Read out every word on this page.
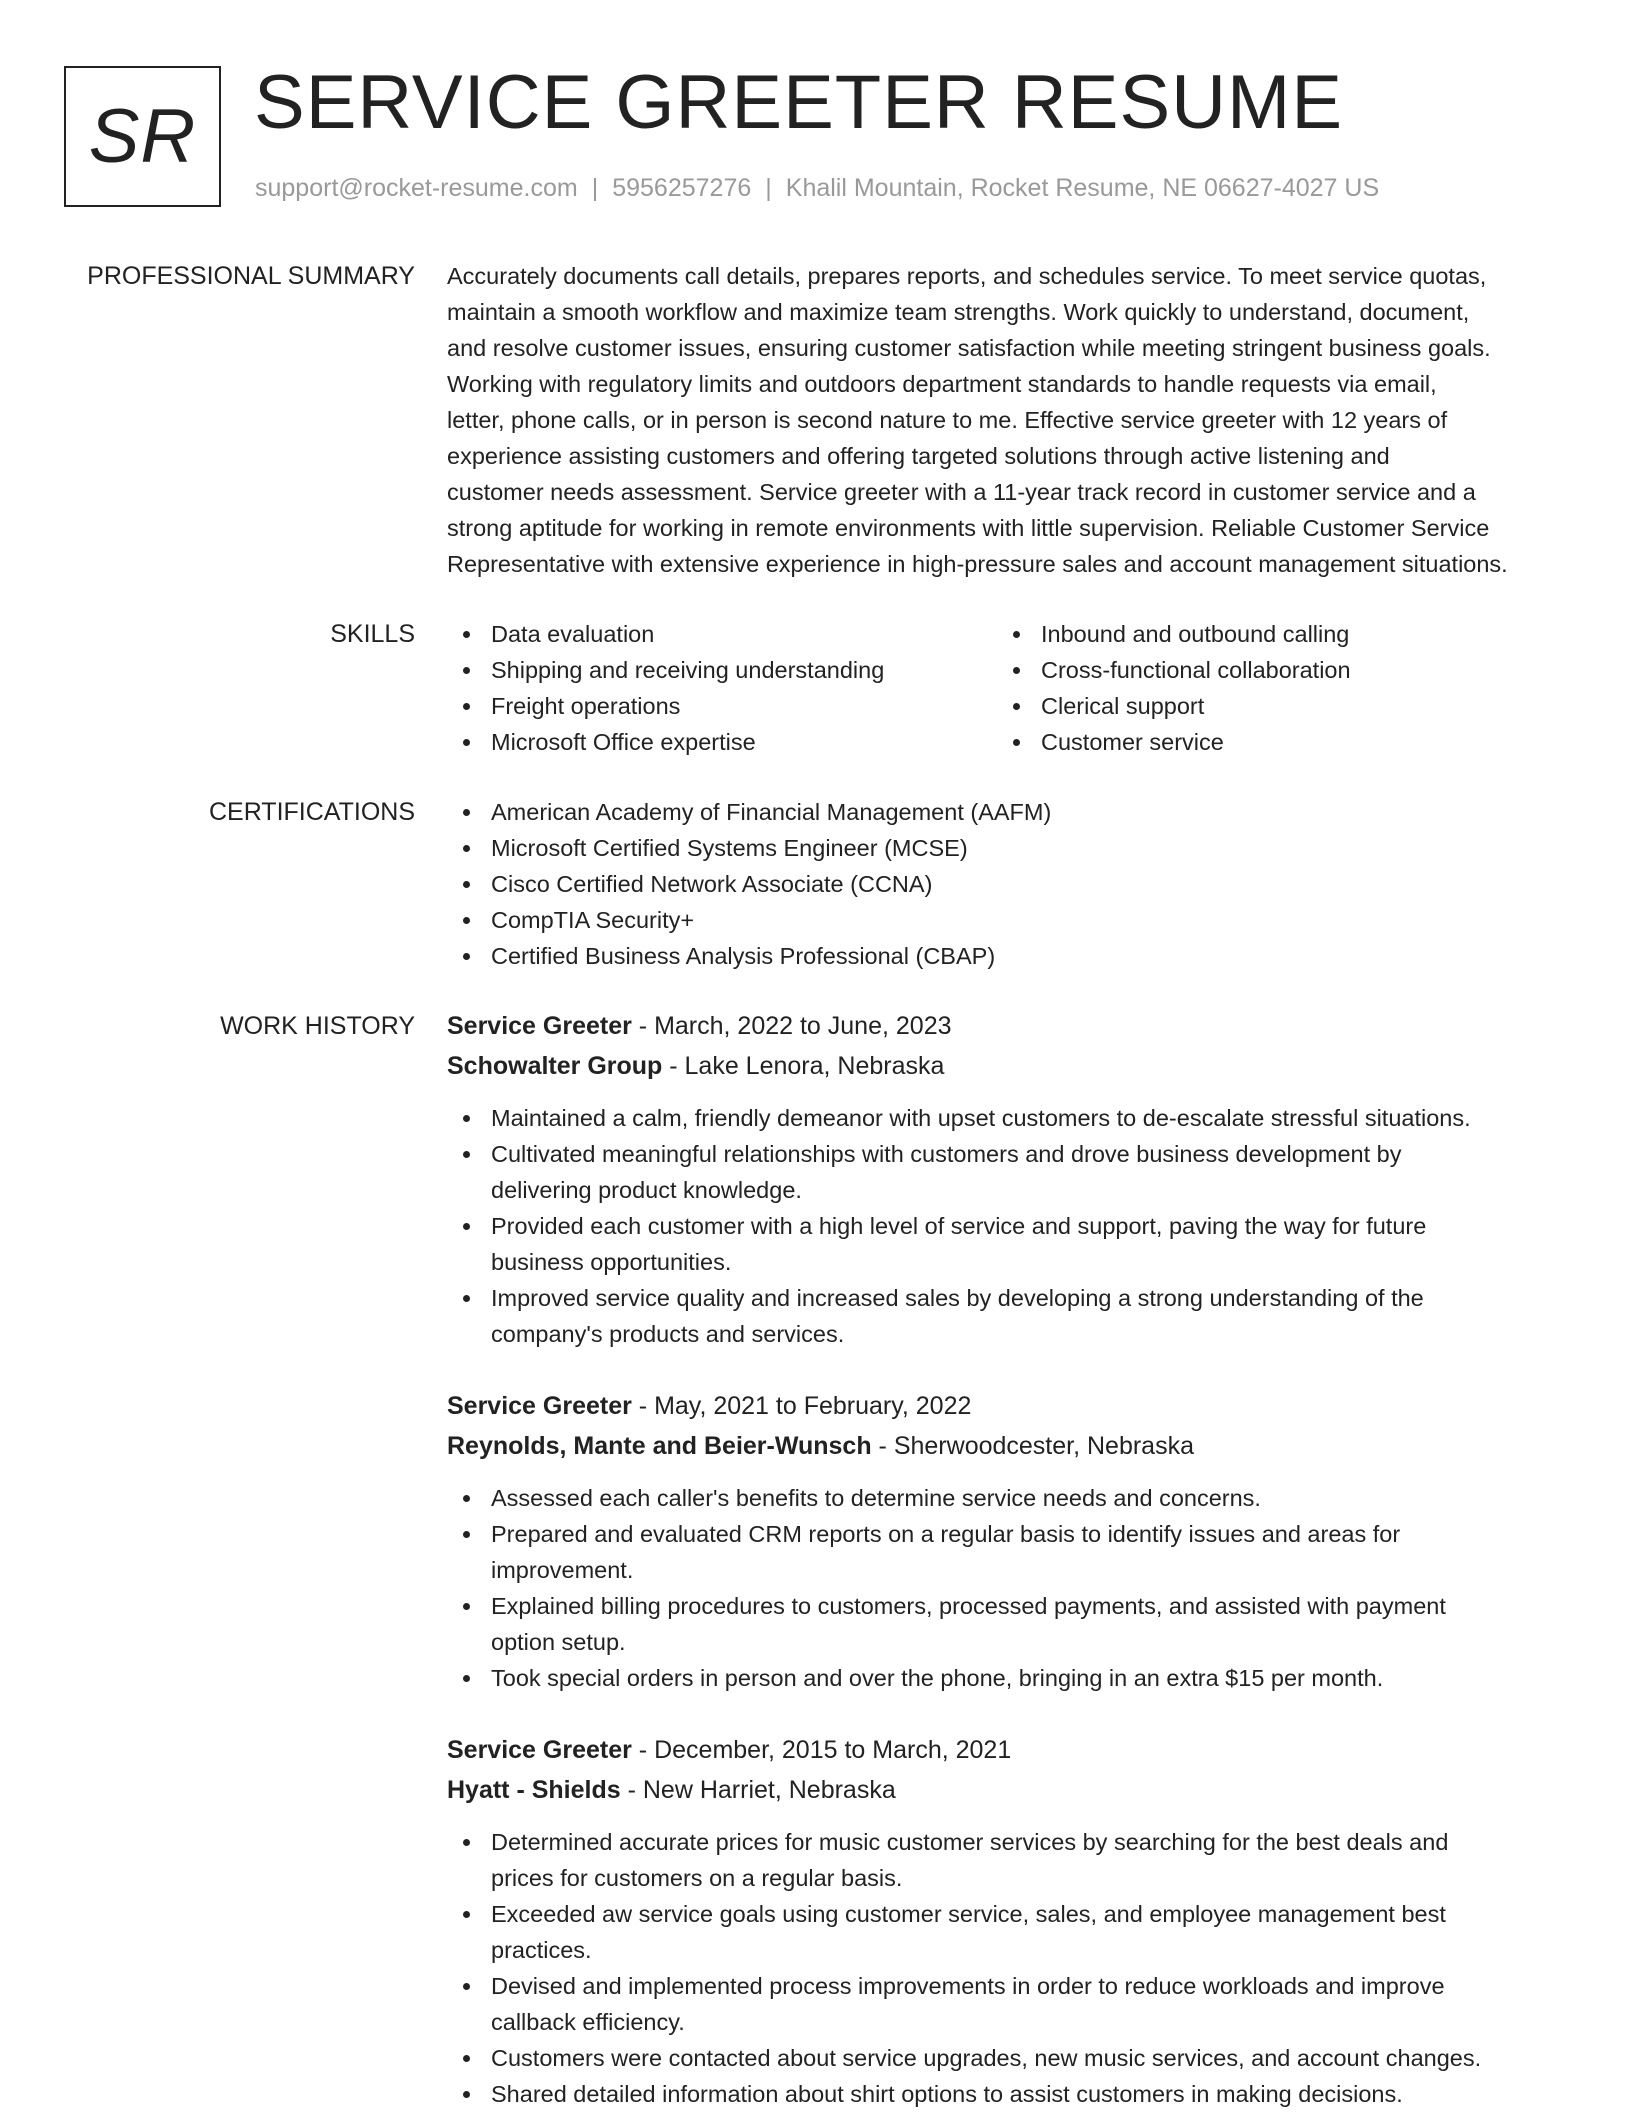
SR SERVICE GREETER RESUME
support@rocket-resume.com | 5956257276 | Khalil Mountain, Rocket Resume, NE 06627-4027 US
PROFESSIONAL SUMMARY Accurately documents call details, prepares reports, and schedules service. To meet service quotas,
maintain a smooth workflow and maximize team strengths. Work quickly to understand, document,
and resolve customer issues, ensuring customer satisfaction while meeting stringent business goals.
Working with regulatory limits and outdoors department standards to handle requests via email,
letter, phone calls, or in person is second nature to me. Effective service greeter with 12 years of
experience assisting customers and offering targeted solutions through active listening and
customer needs assessment. Service greeter with a 11-year track record in customer service and a
strong aptitude for working in remote environments with little supervision. Reliable Customer Service
Representative with extensive experience in high-pressure sales and account management situations.
SKILLS	Data evaluation
Shipping and receiving understanding
Freight operations
Microsoft Office expertise
Inbound and outbound calling
Cross-functional collaboration
Clerical support
Customer service
CERTIFICATIONS	American Academy of Financial Management (AAFM)
Microsoft Certified Systems Engineer (MCSE)
Cisco Certified Network Associate (CCNA)
CompTIA Security+
Certified Business Analysis Professional (CBAP)
WORK HISTORY Service Greeter - March, 2022 to June, 2023
Schowalter Group - Lake Lenora, Nebraska
Maintained a calm, friendly demeanor with upset customers to de-escalate stressful situations.
Cultivated meaningful relationships with customers and drove business development by
delivering product knowledge.
Provided each customer with a high level of service and support, paving the way for future
business opportunities.
Improved service quality and increased sales by developing a strong understanding of the
company's products and services.
Service Greeter - May, 2021 to February, 2022
Reynolds, Mante and Beier-Wunsch - Sherwoodcester, Nebraska
Assessed each caller's benefits to determine service needs and concerns.
Prepared and evaluated CRM reports on a regular basis to identify issues and areas for
improvement.
Explained billing procedures to customers, processed payments, and assisted with payment
option setup.
Took special orders in person and over the phone, bringing in an extra $15 per month.
Service Greeter - December, 2015 to March, 2021
Hyatt - Shields - New Harriet, Nebraska
Determined accurate prices for music customer services by searching for the best deals and
prices for customers on a regular basis.
Exceeded aw service goals using customer service, sales, and employee management best
practices.
Devised and implemented process improvements in order to reduce workloads and improve
callback efficiency.
Customers were contacted about service upgrades, new music services, and account changes.
Shared detailed information about shirt options to assist customers in making decisions.
